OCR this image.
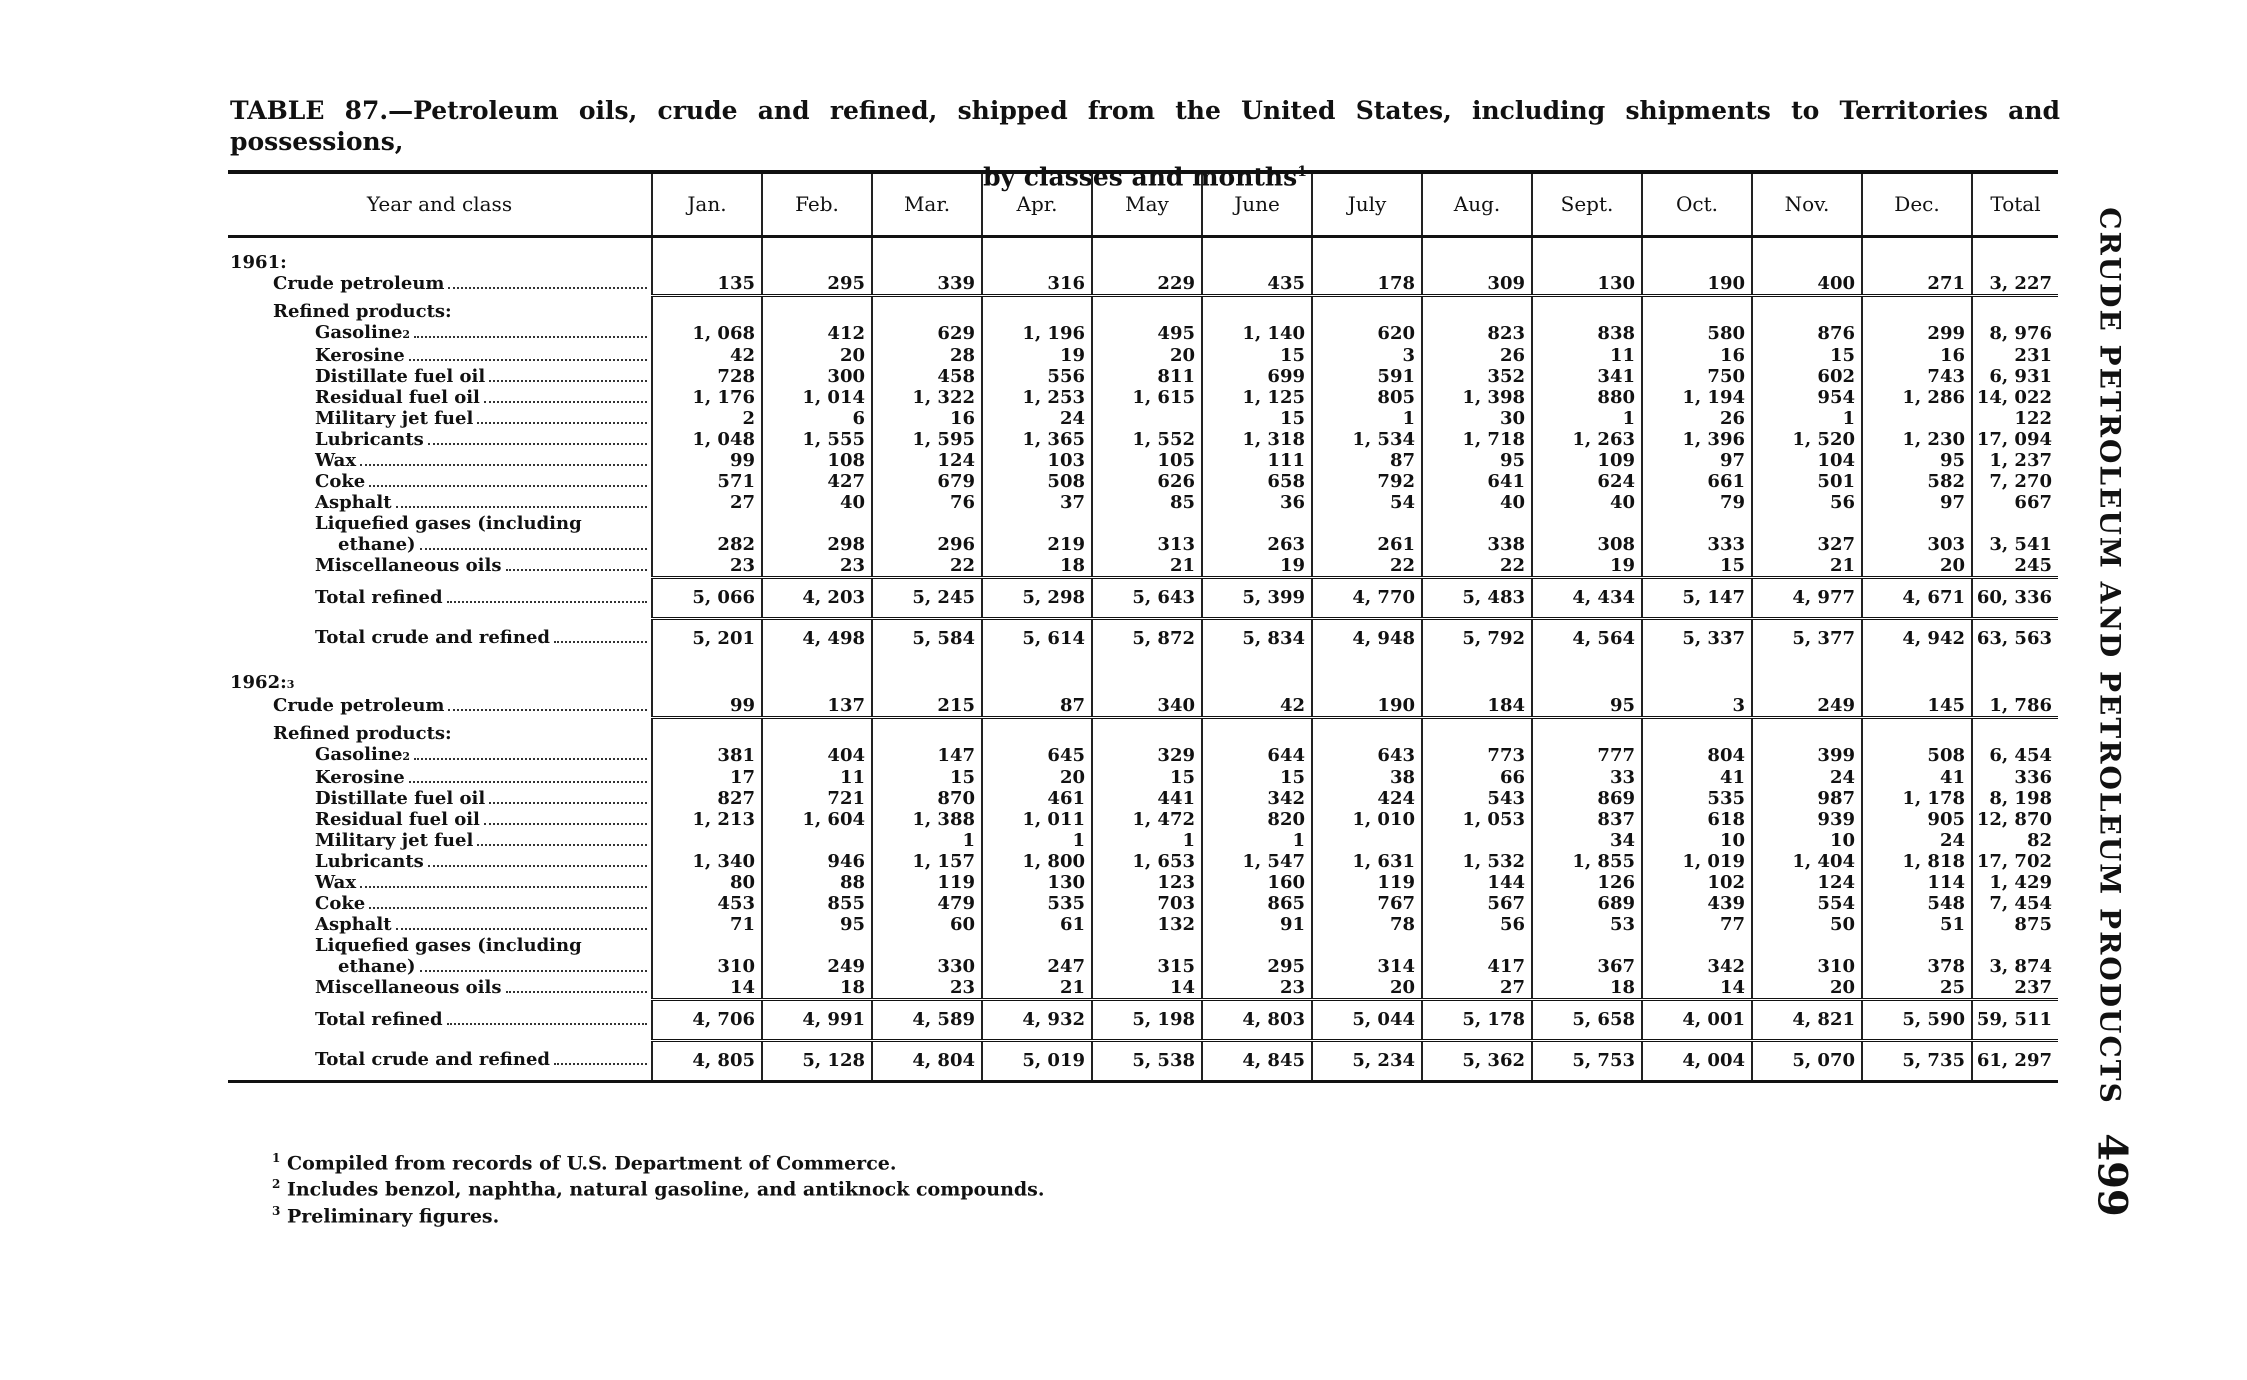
TABLE 87.—Petroleum oils, crude and refined, shipped from the United States, including shipments to Territories and possessions,
by classes and months$^1$
Year and class	Jan.	Feb.	Mar.	Apr.	May	June	July	Aug.	Sept.	Oct.	Nov.	Dec.	Total

1961:													

Crude petroleum	135	295	339	316	229	435	178	309	130	190	400	271	3, 227

Refined products:													

Gasoline 2	1, 068	412	629	1, 196	495	1, 140	620	823	838	580	876	299	8, 976

Kerosine	42	20	28	19	20	15	3	26	11	16	15	16	231

Distillate fuel oil	728	300	458	556	811	699	591	352	341	750	602	743	6, 931

Residual fuel oil	1, 176	1, 014	1, 322	1, 253	1, 615	1, 125	805	1, 398	880	1, 194	954	1, 286	14, 022

Military jet fuel	2	6	16	24		15	1	30	1	26	1		122

Lubricants	1, 048	1, 555	1, 595	1, 365	1, 552	1, 318	1, 534	1, 718	1, 263	1, 396	1, 520	1, 230	17, 094

Wax	99	108	124	103	105	111	87	95	109	97	104	95	1, 237

Coke	571	427	679	508	626	658	792	641	624	661	501	582	7, 270

Asphalt	27	40	76	37	85	36	54	40	40	79	56	97	667

Liquefied gases (including													

ethane)	282	298	296	219	313	263	261	338	308	333	327	303	3, 541

Miscellaneous oils	23	23	22	18	21	19	22	22	19	15	21	20	245

Total refined	5, 066	4, 203	5, 245	5, 298	5, 643	5, 399	4, 770	5, 483	4, 434	5, 147	4, 977	4, 671	60, 336

Total crude and refined	5, 201	4, 498	5, 584	5, 614	5, 872	5, 834	4, 948	5, 792	4, 564	5, 337	5, 377	4, 942	63, 563

1962: 3													

Crude petroleum	99	137	215	87	340	42	190	184	95	3	249	145	1, 786

Refined products:													

Gasoline 2	381	404	147	645	329	644	643	773	777	804	399	508	6, 454

Kerosine	17	11	15	20	15	15	38	66	33	41	24	41	336

Distillate fuel oil	827	721	870	461	441	342	424	543	869	535	987	1, 178	8, 198

Residual fuel oil	1, 213	1, 604	1, 388	1, 011	1, 472	820	1, 010	1, 053	837	618	939	905	12, 870

Military jet fuel			1	1	1	1			34	10	10	24	82

Lubricants	1, 340	946	1, 157	1, 800	1, 653	1, 547	1, 631	1, 532	1, 855	1, 019	1, 404	1, 818	17, 702

Wax	80	88	119	130	123	160	119	144	126	102	124	114	1, 429

Coke	453	855	479	535	703	865	767	567	689	439	554	548	7, 454

Asphalt	71	95	60	61	132	91	78	56	53	77	50	51	875

Liquefied gases (including													

ethane)	310	249	330	247	315	295	314	417	367	342	310	378	3, 874

Miscellaneous oils	14	18	23	21	14	23	20	27	18	14	20	25	237

Total refined	4, 706	4, 991	4, 589	4, 932	5, 198	4, 803	5, 044	5, 178	5, 658	4, 001	4, 821	5, 590	59, 511

Total crude and refined	4, 805	5, 128	4, 804	5, 019	5, 538	4, 845	5, 234	5, 362	5, 753	4, 004	5, 070	5, 735	61, 297
$^1$ Compiled from records of U.S. Department of Commerce.
$^2$ Includes benzol, naphtha, natural gasoline, and antiknock compounds.
$^3$ Preliminary figures.
CRUDE PETROLEUM AND PETROLEUM PRODUCTS
499
